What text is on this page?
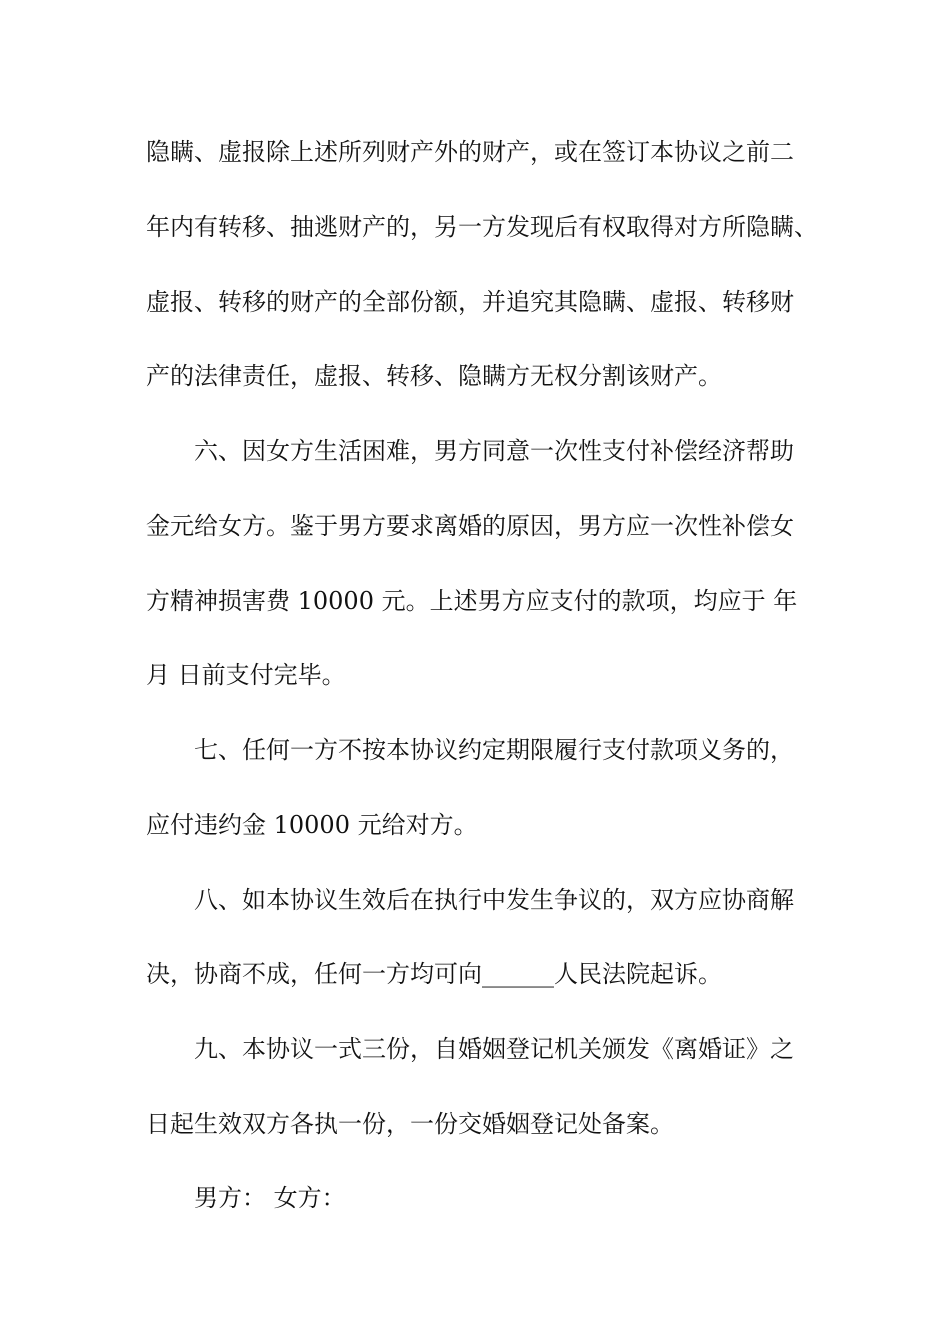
隐瞒、虚报除上述所列财产外的财产，或在签订本协议之前二

年内有转移、抽逃财产的，另一方发现后有权取得对方所隐瞒、

虚报、转移的财产的全部份额，并追究其隐瞒、虚报、转移财

产的法律责任，虚报、转移、隐瞒方无权分割该财产。

六、因女方生活困难，男方同意一次性支付补偿经济帮助

金元给女方。鉴于男方要求离婚的原因，男方应一次性补偿女

方精神损害费 10000 元。上述男方应支付的款项，均应于 年

月 日前支付完毕。

七、任何一方不按本协议约定期限履行支付款项义务的，

应付违约金 10000 元给对方。

八、如本协议生效后在执行中发生争议的，双方应协商解

决，协商不成，任何一方均可向______人民法院起诉。

九、本协议一式三份，自婚姻登记机关颁发《离婚证》之

日起生效双方各执一份，一份交婚姻登记处备案。

男方： 女方：
